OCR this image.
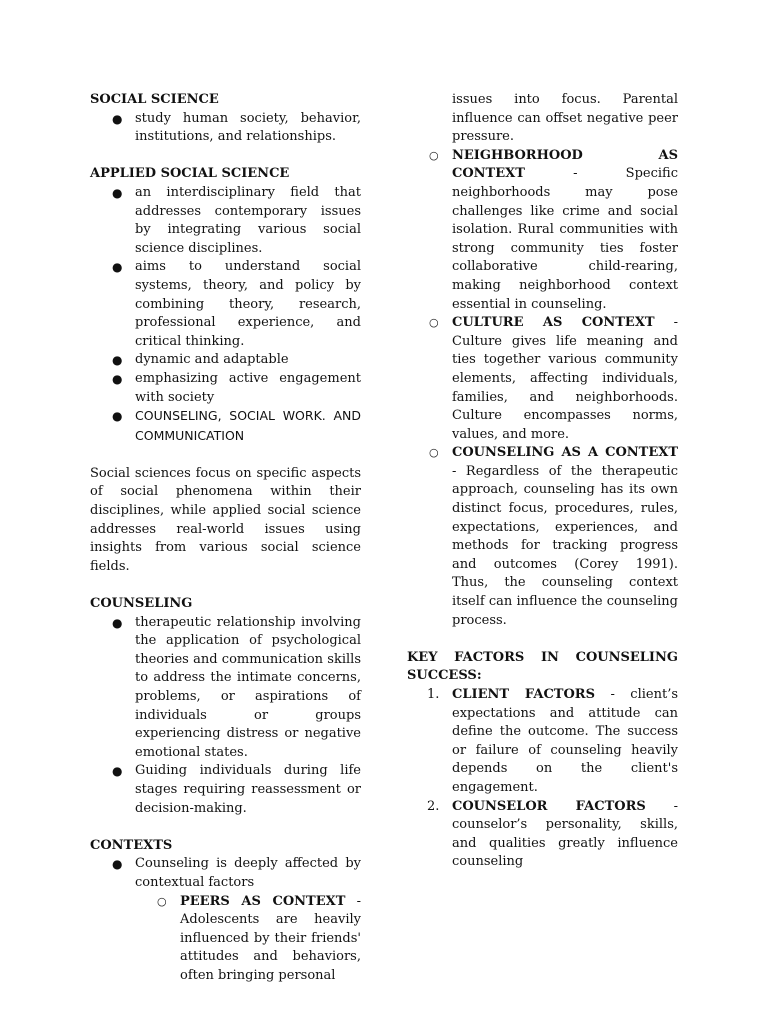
SOCIAL SCIENCE
● study human society, behavior, institutions, and relationships.
APPLIED SOCIAL SCIENCE
● an interdisciplinary field that addresses contemporary issues by integrating various social science disciplines.
● aims to understand social systems, theory, and policy by combining theory, research, professional experience, and critical thinking.
● dynamic and adaptable
● emphasizing active engagement with society
● COUNSELING, SOCIAL WORK. AND COMMUNICATION

Social sciences focus on specific aspects of social phenomena within their disciplines, while applied social science addresses real-world issues using insights from various social science fields.

COUNSELING
● therapeutic relationship involving the application of psychological theories and communication skills to address the intimate concerns, problems, or aspirations of individuals or groups experiencing distress or negative emotional states.
● Guiding individuals during life stages requiring reassessment or decision-making.
CONTEXTS
● Counseling is deeply affected by contextual factors
○ PEERS AS CONTEXT - Adolescents are heavily influenced by their friends' attitudes and behaviors, often bringing personal
issues into focus. Parental influence can offset negative peer pressure.
○ NEIGHBORHOOD AS CONTEXT	- Specific neighborhoods may pose challenges like crime and social isolation. Rural communities with strong community ties foster collaborative child-rearing, making neighborhood context essential in counseling.
○ CULTURE AS CONTEXT - Culture gives life meaning and ties together various community elements, affecting individuals, families, and neighborhoods. Culture encompasses norms, values, and more.
○ COUNSELING AS A CONTEXT - Regardless of the therapeutic approach, counseling has its own distinct focus, procedures, rules, expectations, experiences, and methods for tracking progress and outcomes (Corey 1991). Thus, the counseling context itself can influence the counseling process.
KEY FACTORS IN COUNSELING SUCCESS:
1. CLIENT FACTORS - client’s expectations and attitude can define the outcome. The success or failure of counseling heavily depends on the client's engagement.
2. COUNSELOR FACTORS - counselor’s personality, skills, and qualities greatly influence counseling
